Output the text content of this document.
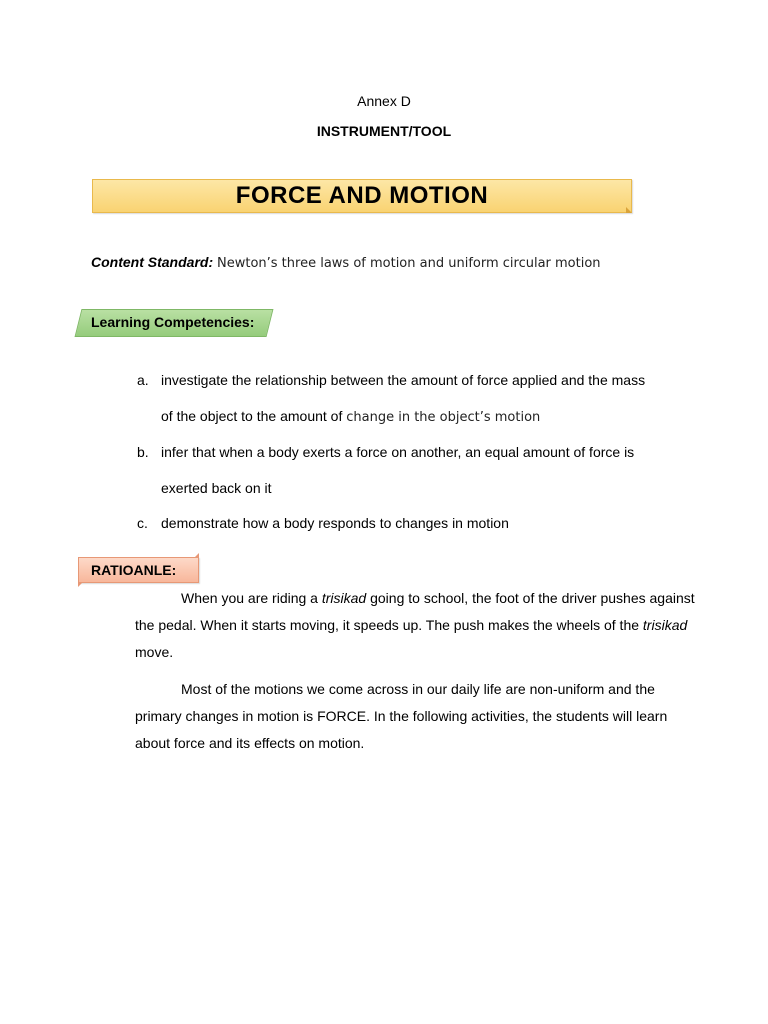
Annex D
INSTRUMENT/TOOL
FORCE AND MOTION
Content Standard: Newton’s three laws of motion and uniform circular motion
Learning Competencies:
a. investigate the relationship between the amount of force applied and the mass
of the object to the amount of change in the object’s motion
b. infer that when a body exerts a force on another, an equal amount of force is
exerted back on it
c. demonstrate how a body responds to changes in motion
RATIOANLE:
When you are riding a trisikad going to school, the foot of the driver pushes against the pedal. When it starts moving, it speeds up. The push makes the wheels of the trisikad move.
Most of the motions we come across in our daily life are non-uniform and the primary changes in motion is FORCE. In the following activities, the students will learn about force and its effects on motion.
